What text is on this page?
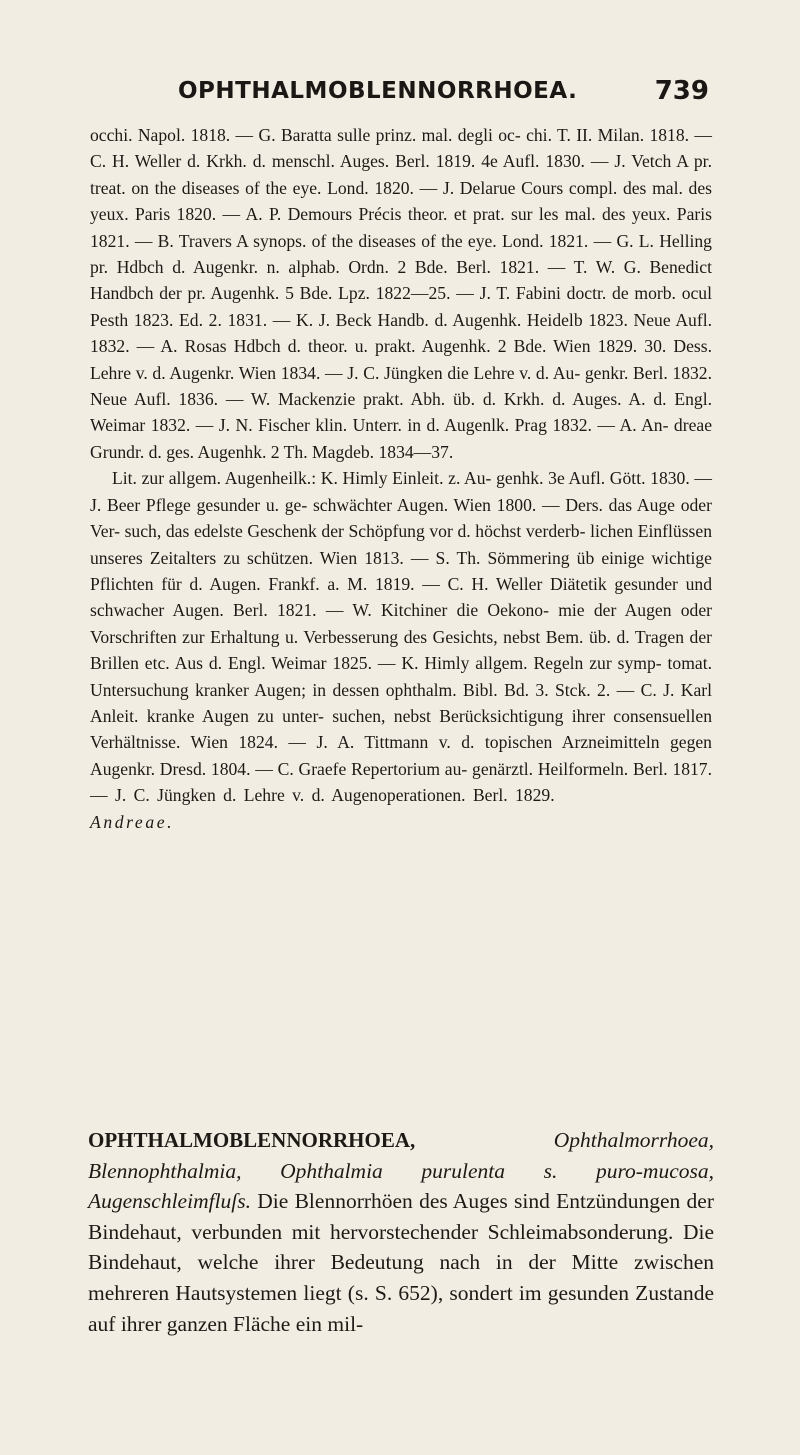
OPHTHALMOBLENNORRHOEA.	739

occhi. Napol. 1818. — G. Baratta sulle prinz. mal. degli oc- chi. T. II. Milan. 1818. — C. H. Weller d. Krkh. d. menschl. Auges. Berl. 1819. 4e Aufl. 1830. — J. Vetch A pr. treat. on the diseases of the eye. Lond. 1820. — J. Delarue Cours compl. des mal. des yeux. Paris 1820. — A. P. Demours Précis theor. et prat. sur les mal. des yeux. Paris 1821. — B. Travers A synops. of the diseases of the eye. Lond. 1821. — G. L. Helling pr. Hdbch d. Augenkr. n. alphab. Ordn. 2 Bde. Berl. 1821. — T. W. G. Benedict Handbch der pr. Augenhk. 5 Bde. Lpz. 1822—25. — J. T. Fabini doctr. de morb. ocul Pesth 1823. Ed. 2. 1831. — K. J. Beck Handb. d. Augenhk. Heidelb 1823. Neue Aufl. 1832. — A. Rosas Hdbch d. theor. u. prakt. Augenhk. 2 Bde. Wien 1829. 30. Dess. Lehre v. d. Augenkr. Wien 1834. — J. C. Jüngken die Lehre v. d. Au- genkr. Berl. 1832. Neue Aufl. 1836. — W. Mackenzie prakt. Abh. üb. d. Krkh. d. Auges. A. d. Engl. Weimar 1832. — J. N. Fischer klin. Unterr. in d. Augenlk. Prag 1832. — A. An- dreae Grundr. d. ges. Augenhk. 2 Th. Magdeb. 1834—37.

Lit. zur allgem. Augenheilk.: K. Himly Einleit. z. Au- genhk. 3e Aufl. Gött. 1830. — J. Beer Pflege gesunder u. ge- schwächter Augen. Wien 1800. — Ders. das Auge oder Ver- such, das edelste Geschenk der Schöpfung vor d. höchst verderb- lichen Einflüssen unseres Zeitalters zu schützen. Wien 1813. — S. Th. Sömmering üb einige wichtige Pflichten für d. Augen. Frankf. a. M. 1819. — C. H. Weller Diätetik gesunder und schwacher Augen. Berl. 1821. — W. Kitchiner die Oekono- mie der Augen oder Vorschriften zur Erhaltung u. Verbesserung des Gesichts, nebst Bem. üb. d. Tragen der Brillen etc. Aus d. Engl. Weimar 1825. — K. Himly allgem. Regeln zur symp- tomat. Untersuchung kranker Augen; in dessen ophthalm. Bibl. Bd. 3. Stck. 2. — C. J. Karl Anleit. kranke Augen zu unter- suchen, nebst Berücksichtigung ihrer consensuellen Verhältnisse. Wien 1824. — J. A. Tittmann v. d. topischen Arzneimitteln gegen Augenkr. Dresd. 1804. — C. Graefe Repertorium au- genärztl. Heilformeln. Berl. 1817. — J. C. Jüngken d. Lehre v. d. Augenoperationen. Berl. 1829.  Andreae.

OPHTHALMOBLENNORRHOEA,	Ophthalmorrhoea, Blennophthalmia, Ophthalmia purulenta s. puro-mucosa, Augenschleimfluſs. Die Blennorrhöen des Auges sind Entzündungen der Bindehaut, verbunden mit hervorstechender Schleimabsonderung. Die Bindehaut, welche ihrer Bedeutung nach in der Mitte zwischen mehreren Hautsystemen liegt (s. S. 652), sondert im gesunden Zustande auf ihrer ganzen Fläche ein mil-
